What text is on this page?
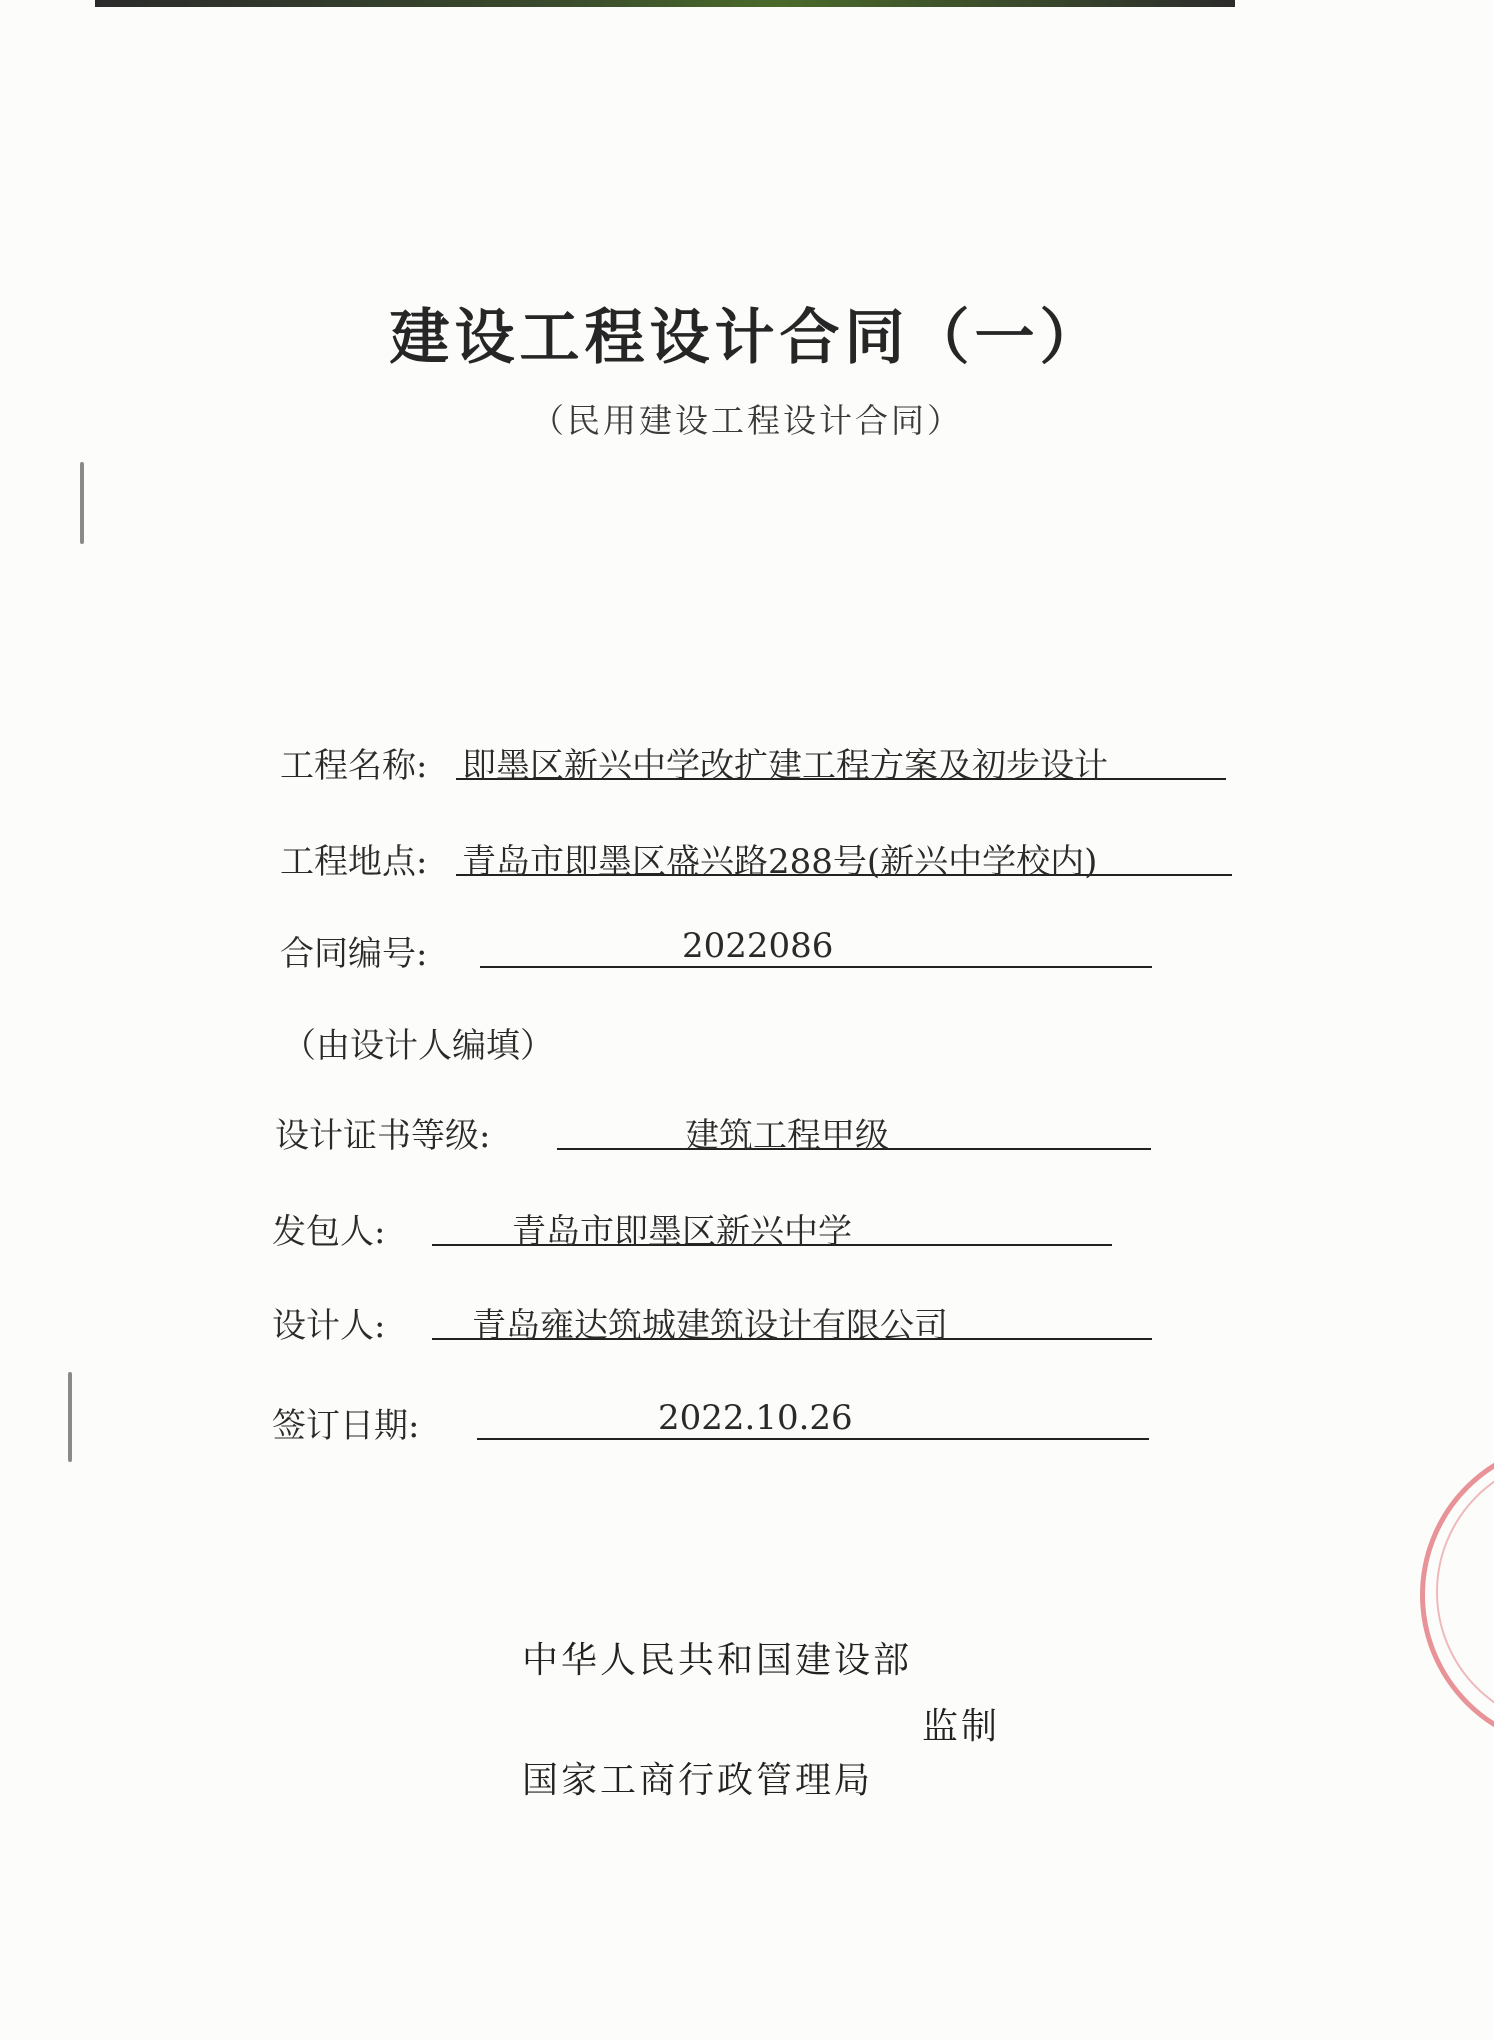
建设工程设计合同（一）
（民用建设工程设计合同）
工程名称: 即墨区新兴中学改扩建工程方案及初步设计
工程地点: 青岛市即墨区盛兴路288号(新兴中学校内)
合同编号:	2022086
（由设计人编填）
设计证书等级:	建筑工程甲级
发包人:	青岛市即墨区新兴中学
设计人:	青岛雍达筑城建筑设计有限公司
签订日期:	2022.10.26
中华人民共和国建设部
监制
国家工商行政管理局
